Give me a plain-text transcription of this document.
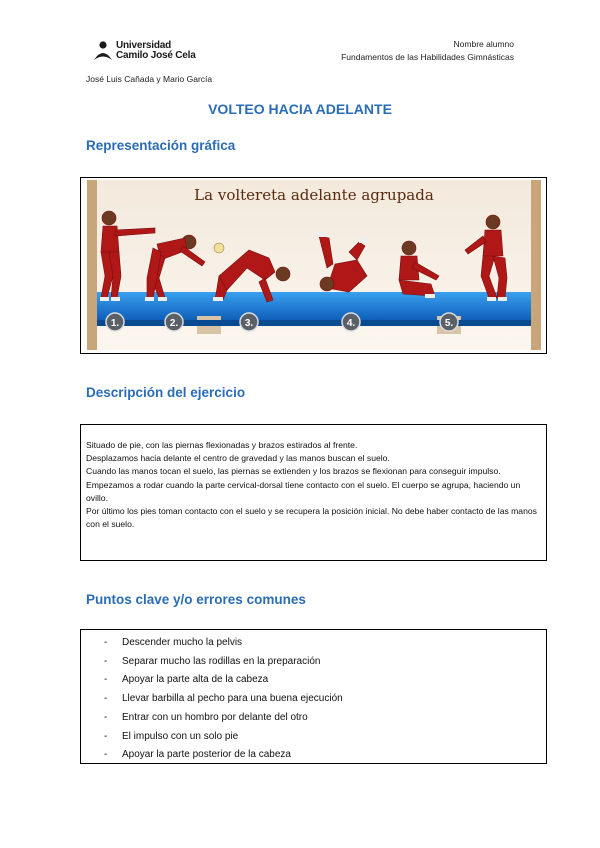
Universidad
Camilo José Cela
Nombre alumno
Fundamentos de las Habilidades Gimnásticas
José Luis Cañada y Mario García
VOLTEO HACIA ADELANTE
Representación gráfica
La voltereta adelante agrupada
1.	2.	3.	4.	5.
Descripción del ejercicio

Situado de pie, con las piernas flexionadas y brazos estirados al frente.

Desplazamos hacia delante el centro de gravedad y las manos buscan el suelo.

Cuando las manos tocan el suelo, las piernas se extienden y los brazos se flexionan para conseguir impulso.

Empezamos a rodar cuando la parte cervical-dorsal tiene contacto con el suelo. El cuerpo se agrupa, haciendo un ovillo.

Por último los pies toman contacto con el suelo y se recupera la posición inicial. No debe haber contacto de las manos con el suelo.

Puntos clave y/o errores comunes
- Descender mucho la pelvis
- Separar mucho las rodillas en la preparación
- Apoyar la parte alta de la cabeza
- Llevar barbilla al pecho para una buena ejecución
- Entrar con un hombro por delante del otro
- El impulso con un solo pie
- Apoyar la parte posterior de la cabeza
